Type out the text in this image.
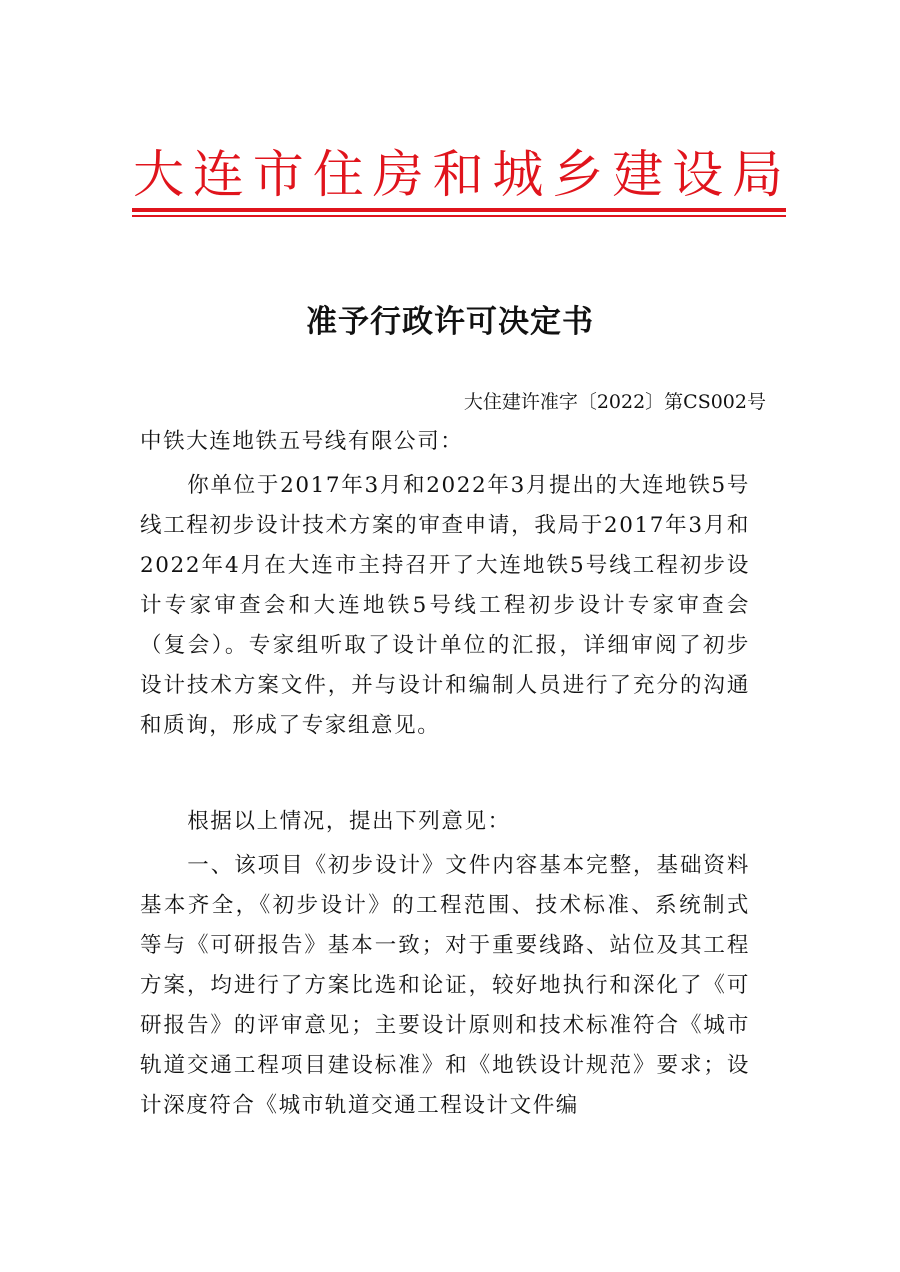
大连市住房和城乡建设局
准予行政许可决定书
大住建许准字〔2022〕第CS002号
中铁大连地铁五号线有限公司：

你单位于2017年3月和2022年3月提出的大连地铁5号线工程初步设计技术方案的审查申请，我局于2017年3月和2022年4月在大连市主持召开了大连地铁5号线工程初步设计专家审查会和大连地铁5号线工程初步设计专家审查会（复会）。专家组听取了设计单位的汇报，详细审阅了初步设计技术方案文件，并与设计和编制人员进行了充分的沟通和质询，形成了专家组意见。

根据以上情况，提出下列意见：

一、该项目《初步设计》文件内容基本完整，基础资料基本齐全，《初步设计》的工程范围、技术标准、系统制式等与《可研报告》基本一致；对于重要线路、站位及其工程方案，均进行了方案比选和论证，较好地执行和深化了《可研报告》的评审意见；主要设计原则和技术标准符合《城市轨道交通工程项目建设标准》和《地铁设计规范》要求；设计深度符合《城市轨道交通工程设计文件编
